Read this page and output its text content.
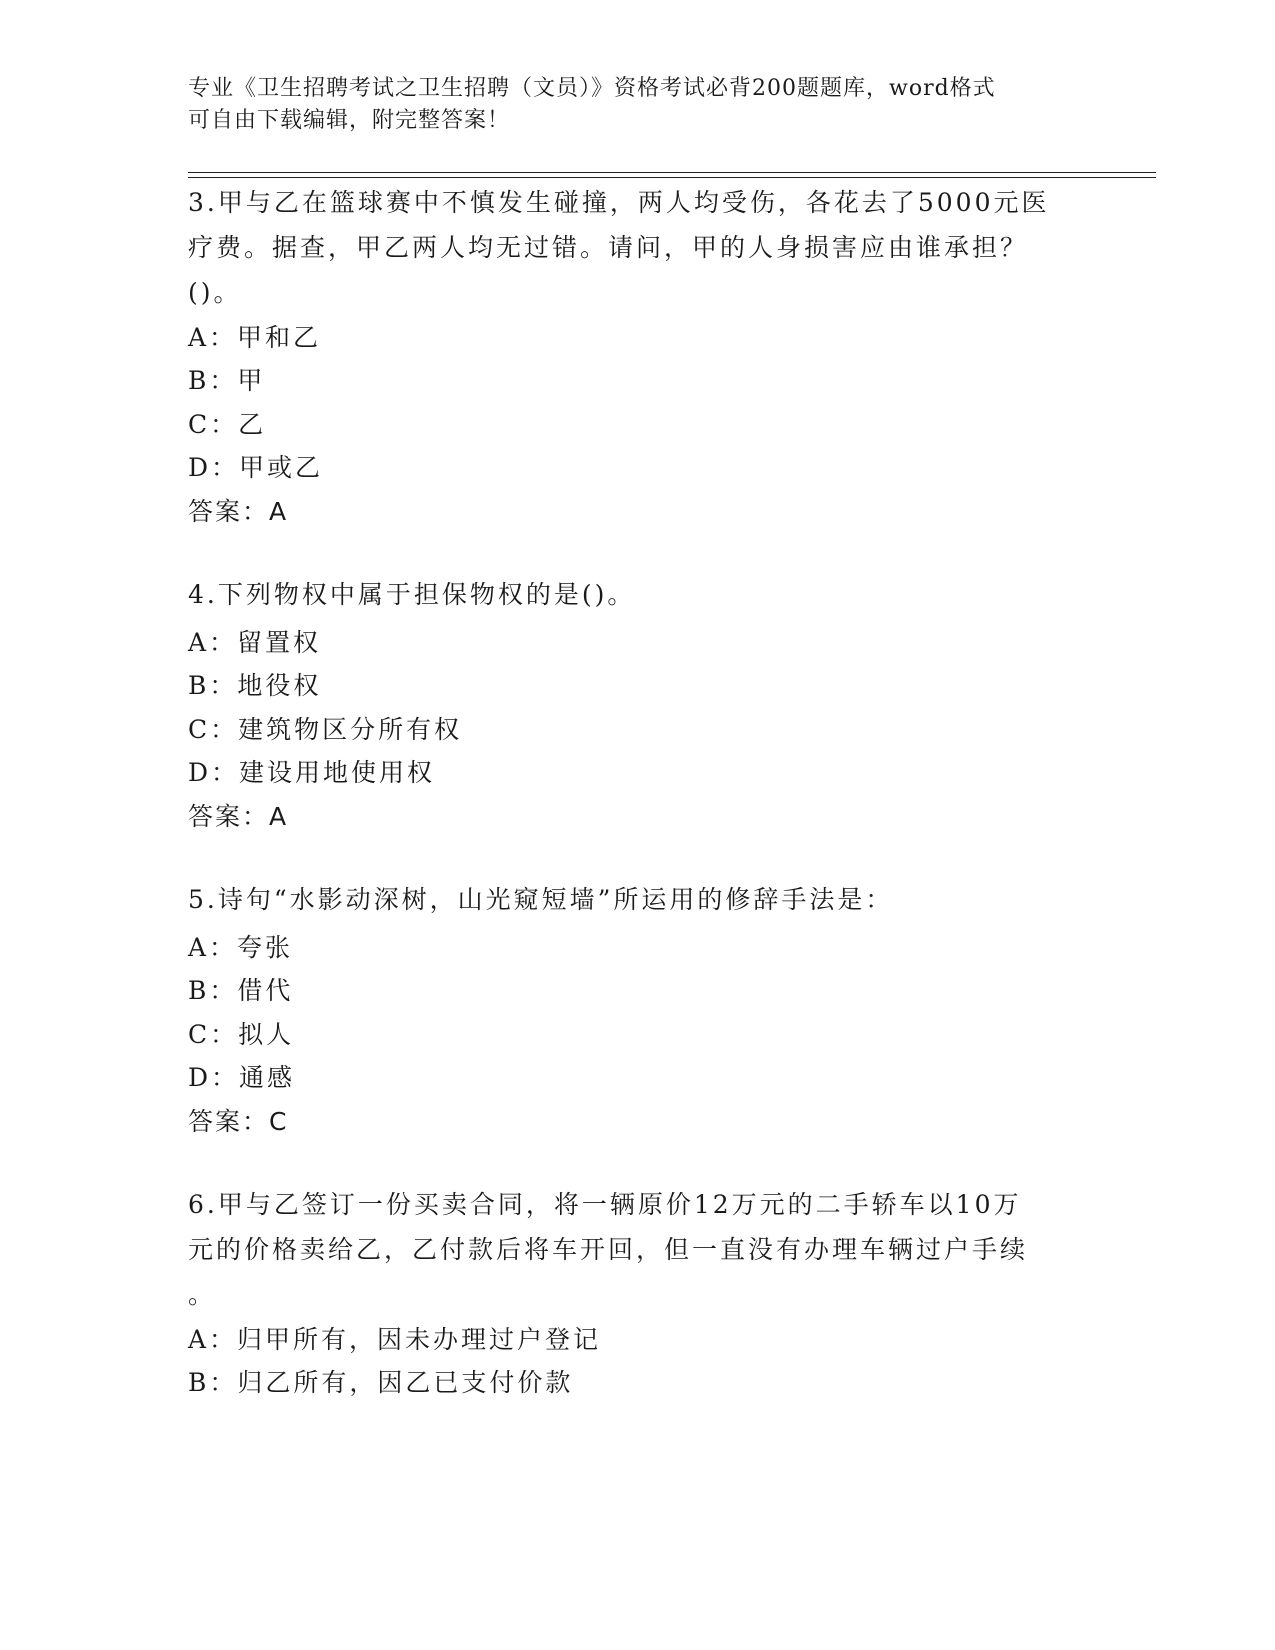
专业《卫生招聘考试之卫生招聘（文员）》资格考试必背200题题库，word格式
可自由下载编辑，附完整答案！
3.甲与乙在篮球赛中不慎发生碰撞，两人均受伤，各花去了5000元医
疗费。据查，甲乙两人均无过错。请问，甲的人身损害应由谁承担？
()。
A：甲和乙
B：甲
C：乙
D：甲或乙
答案：A
4.下列物权中属于担保物权的是()。
A：留置权
B：地役权
C：建筑物区分所有权
D：建设用地使用权
答案：A
5.诗句“水影动深树，山光窥短墙”所运用的修辞手法是：
A：夸张
B：借代
C：拟人
D：通感
答案：C
6.甲与乙签订一份买卖合同，将一辆原价12万元的二手轿车以10万
元的价格卖给乙，乙付款后将车开回，但一直没有办理车辆过户手续
。
A：归甲所有，因未办理过户登记
B：归乙所有，因乙已支付价款
